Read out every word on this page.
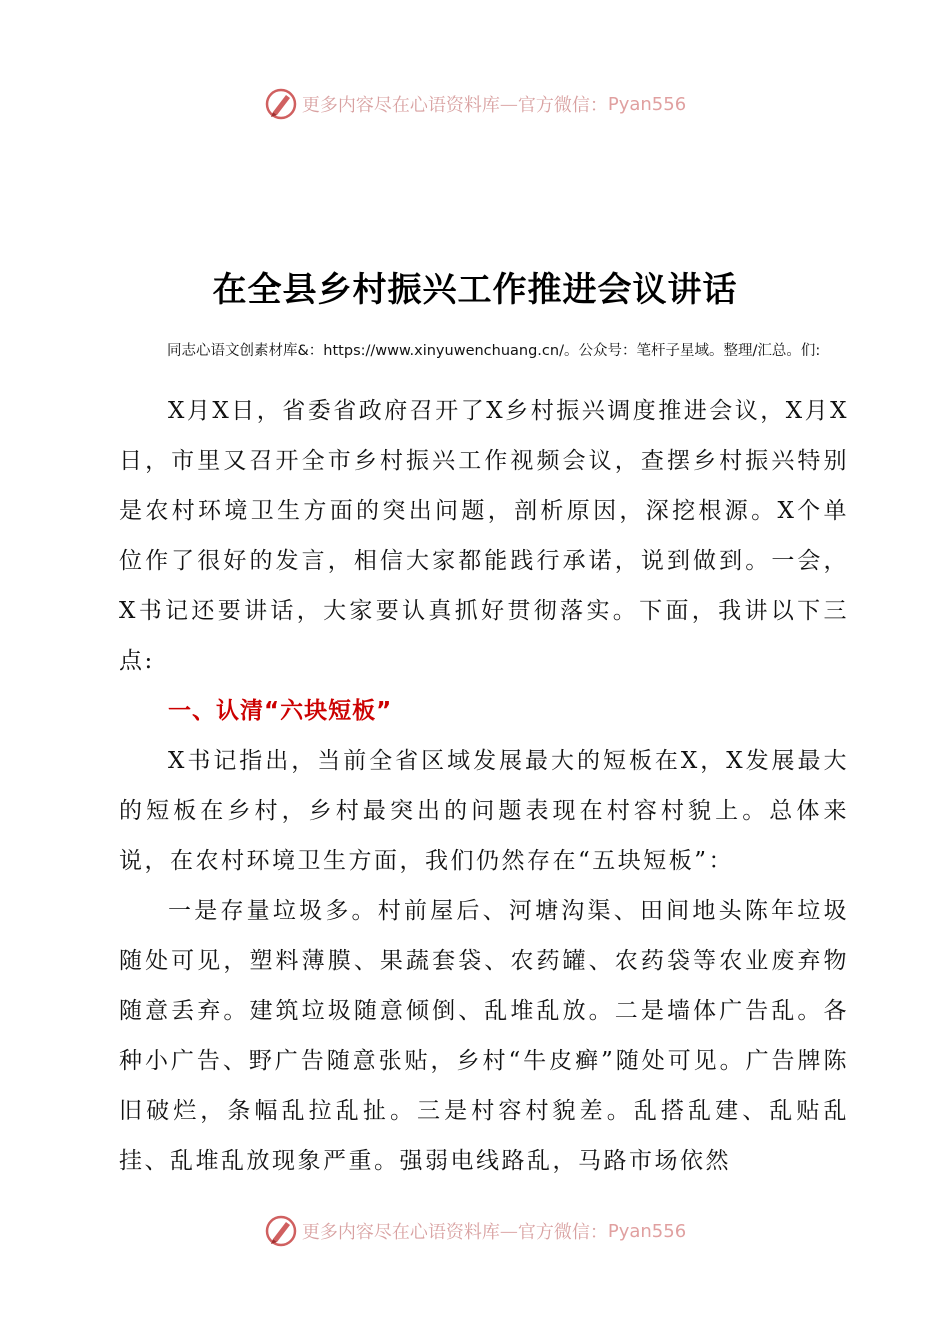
更多内容尽在心语资料库 — 官方微信： Pyan556
在全县乡村振兴工作推进会议讲话
同志心语文创素材库&：https://www.xinyuwenchuang.cn/。公众号：笔杆子星域。整理/汇总。们:
X月X日，省委省政府召开了X乡村振兴调度推进会议，X月X日，市里又召开全市乡村振兴工作视频会议，查摆乡村振兴特别是农村环境卫生方面的突出问题，剖析原因，深挖根源。X个单位作了很好的发言，相信大家都能践行承诺，说到做到。一会，X书记还要讲话，大家要认真抓好贯彻落实。下面，我讲以下三点:
一、认清“六块短板”
X书记指出，当前全省区域发展最大的短板在X，X发展最大的短板在乡村，乡村最突出的问题表现在村容村貌上。总体来说，在农村环境卫生方面，我们仍然存在“五块短板”：
一是存量垃圾多。村前屋后、河塘沟渠、田间地头陈年垃圾随处可见，塑料薄膜、果蔬套袋、农药罐、农药袋等农业废弃物随意丢弃。建筑垃圾随意倾倒、乱堆乱放。二是墙体广告乱。各种小广告、野广告随意张贴，乡村“牛皮癣”随处可见。广告牌陈旧破烂，条幅乱拉乱扯。三是村容村貌差。乱搭乱建、乱贴乱挂、乱堆乱放现象严重。强弱电线路乱，马路市场依然
更多内容尽在心语资料库 — 官方微信： Pyan556
